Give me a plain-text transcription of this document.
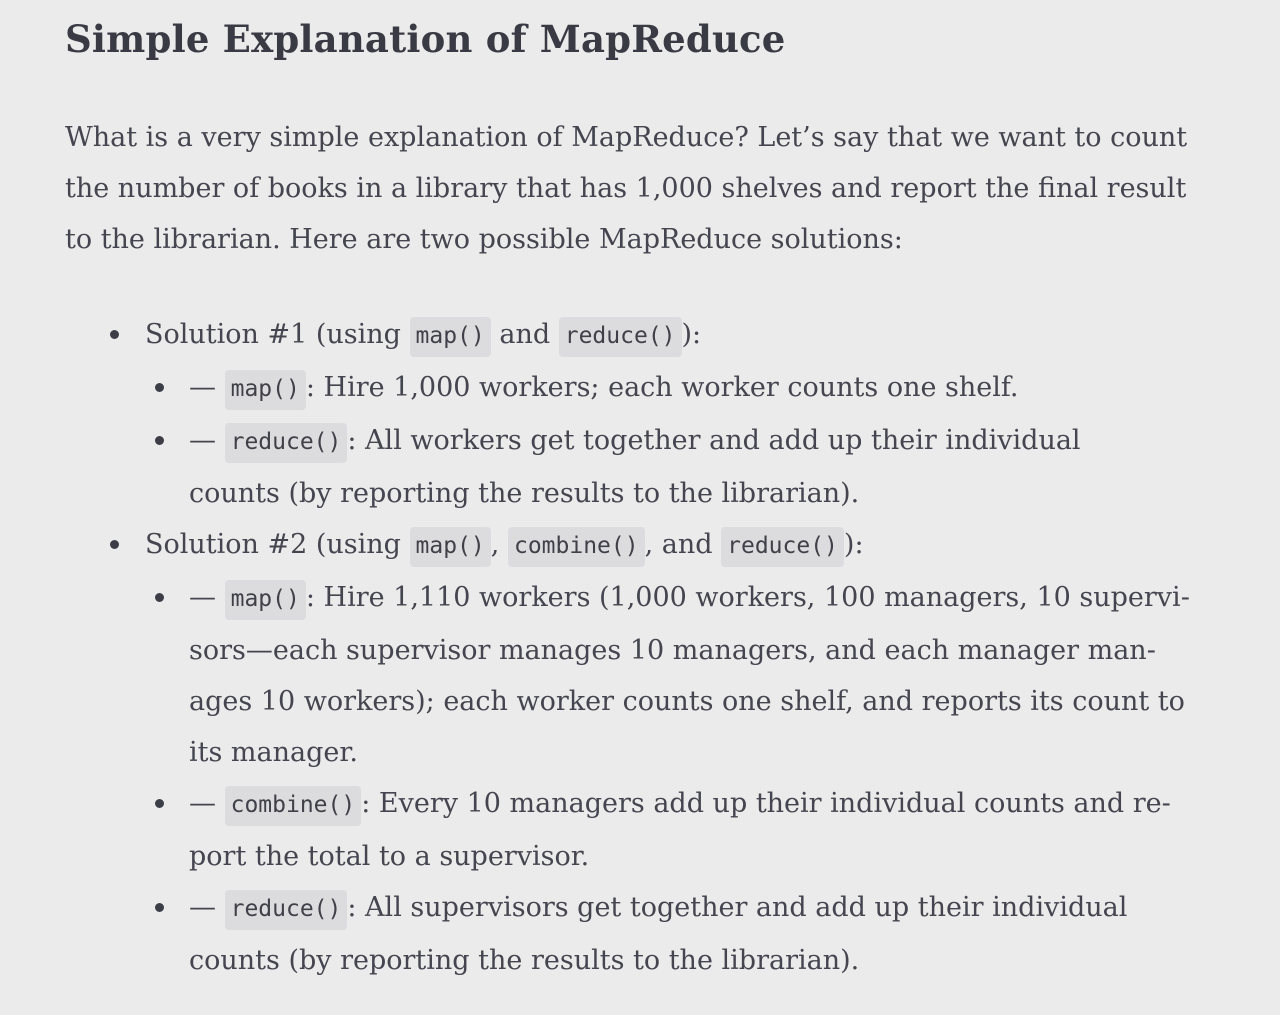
Simple Explanation of MapReduce

What is a very simple explanation of MapReduce? Let’s say that we want to count
the number of books in a library that has 1,000 shelves and report the final result
to the librarian. Here are two possible MapReduce solutions:

Solution #1 (using map() and reduce() ):
— map() : Hire 1,000 workers; each worker counts one shelf.
— reduce() : All workers get together and add up their individual
counts (by reporting the results to the librarian).
Solution #2 (using map() , combine() , and reduce() ):
— map() : Hire 1,110 workers (1,000 workers, 100 managers, 10 supervi-
sors—each supervisor manages 10 managers, and each manager man-
ages 10 workers); each worker counts one shelf, and reports its count to
its manager.
— combine() : Every 10 managers add up their individual counts and re-
port the total to a supervisor.
— reduce() : All supervisors get together and add up their individual
counts (by reporting the results to the librarian).
